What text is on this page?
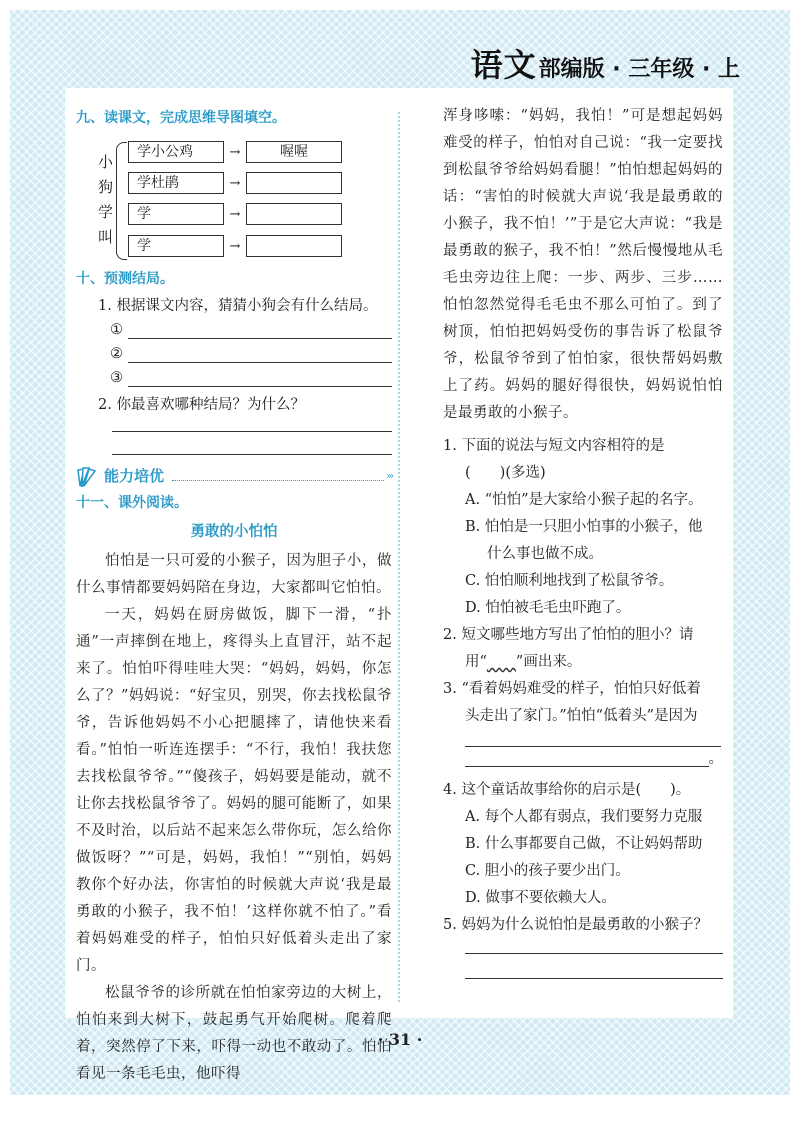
语文 部编版 · 三年级 · 上
九、读课文，完成思维导图填空。
小
狗
学
叫
学小公鸡	→	喔喔
学杜鹃	→
学	→
学	→
十、预测结局。
1. 根据课文内容，猜猜小狗会有什么结局。
①
②
③
2. 你最喜欢哪种结局？为什么？
能力培优	›››
十一、课外阅读。
勇敢的小怕怕
怕怕是一只可爱的小猴子，因为胆子小，做什么事情都要妈妈陪在身边，大家都叫它怕怕。
一天，妈妈在厨房做饭，脚下一滑，“扑通”一声摔倒在地上，疼得头上直冒汗，站不起来了。怕怕吓得哇哇大哭：“妈妈，妈妈，你怎么了？”妈妈说：“好宝贝，别哭，你去找松鼠爷爷，告诉他妈妈不小心把腿摔了，请他快来看看。”怕怕一听连连摆手：“不行，我怕！我扶您去找松鼠爷爷。”“傻孩子，妈妈要是能动，就不让你去找松鼠爷爷了。妈妈的腿可能断了，如果不及时治，以后站不起来怎么带你玩，怎么给你做饭呀？”“可是，妈妈，我怕！”“别怕，妈妈教你个好办法，你害怕的时候就大声说‘我是最勇敢的小猴子，我不怕！’这样你就不怕了。”看着妈妈难受的样子，怕怕只好低着头走出了家门。
松鼠爷爷的诊所就在怕怕家旁边的大树上，怕怕来到大树下，鼓起勇气开始爬树。爬着爬着，突然停了下来，吓得一动也不敢动了。怕怕看见一条毛毛虫，他吓得
浑身哆嗦：“妈妈，我怕！”可是想起妈妈难受的样子，怕怕对自己说：“我一定要找到松鼠爷爷给妈妈看腿！”怕怕想起妈妈的话：“害怕的时候就大声说‘我是最勇敢的小猴子，我不怕！’”于是它大声说：“我是最勇敢的猴子，我不怕！”然后慢慢地从毛毛虫旁边往上爬：一步、两步、三步……怕怕忽然觉得毛毛虫不那么可怕了。到了树顶，怕怕把妈妈受伤的事告诉了松鼠爷爷，松鼠爷爷到了怕怕家，很快帮妈妈敷上了药。妈妈的腿好得很快，妈妈说怕怕是最勇敢的小猴子。
1. 下面的说法与短文内容相符的是
(　　)(多选)
A. “怕怕”是大家给小猴子起的名字。
B. 怕怕是一只胆小怕事的小猴子，他
什么事也做不成。
C. 怕怕顺利地找到了松鼠爷爷。
D. 怕怕被毛毛虫吓跑了。
2. 短文哪些地方写出了怕怕的胆小？请
用“　　 ”画出来。
3. “看着妈妈难受的样子，怕怕只好低着
头走出了家门。”怕怕“低着头”是因为
。
4. 这个童话故事给你的启示是(　　)。
A. 每个人都有弱点，我们要努力克服
B. 什么事都要自己做，不让妈妈帮助
C. 胆小的孩子要少出门。
D. 做事不要依赖大人。
5. 妈妈为什么说怕怕是最勇敢的小猴子？
· 31 ·
